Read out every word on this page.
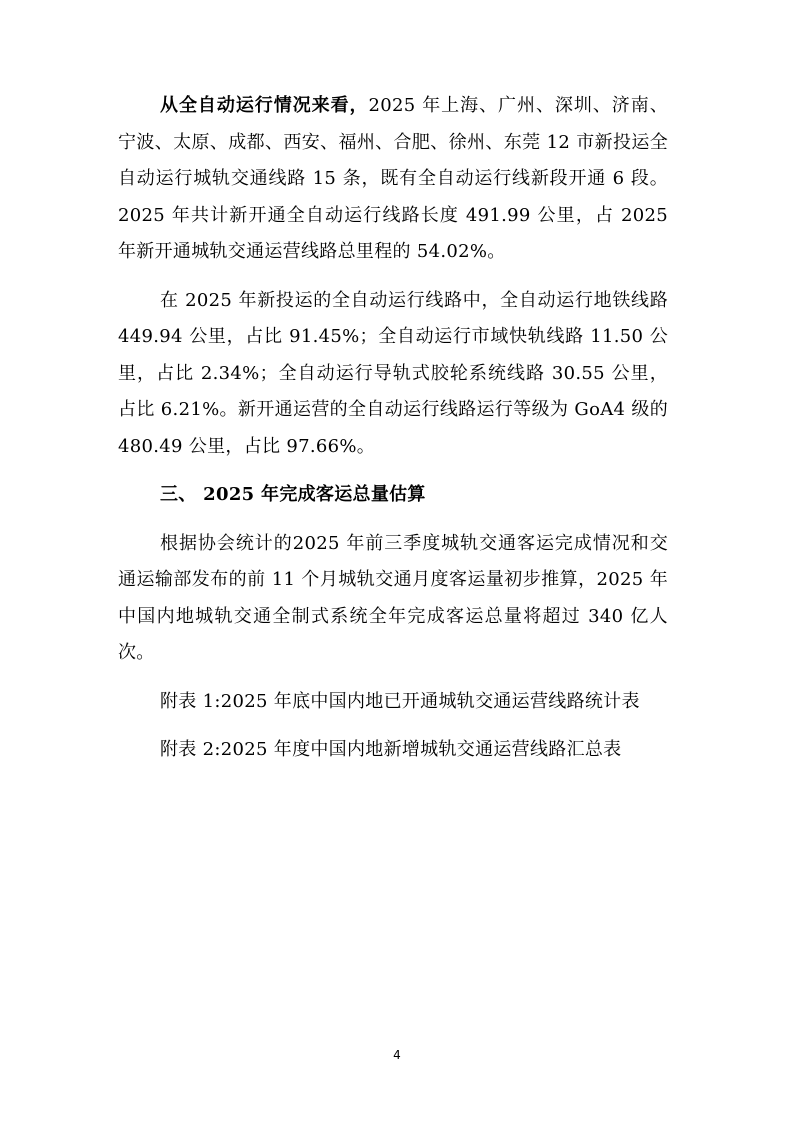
从全自动运行情况来看，2025 年上海、广州、深圳、济南、宁波、太原、成都、西安、福州、合肥、徐州、东莞 12 市新投运全自动运行城轨交通线路 15 条，既有全自动运行线新段开通 6 段。2025 年共计新开通全自动运行线路长度 491.99 公里，占 2025 年新开通城轨交通运营线路总里程的 54.02%。

在 2025 年新投运的全自动运行线路中，全自动运行地铁线路 449.94 公里，占比 91.45%；全自动运行市域快轨线路 11.50 公里，占比 2.34%；全自动运行导轨式胶轮系统线路 30.55 公里，占比 6.21%。新开通运营的全自动运行线路运行等级为 GoA4 级的 480.49 公里，占比 97.66%。

三、 2025 年完成客运总量估算

根据协会统计的2025 年前三季度城轨交通客运完成情况和交通运输部发布的前 11 个月城轨交通月度客运量初步推算，2025 年中国内地城轨交通全制式系统全年完成客运总量将超过 340 亿人次。

附表 1:2025 年底中国内地已开通城轨交通运营线路统计表

附表 2:2025 年度中国内地新增城轨交通运营线路汇总表

4
